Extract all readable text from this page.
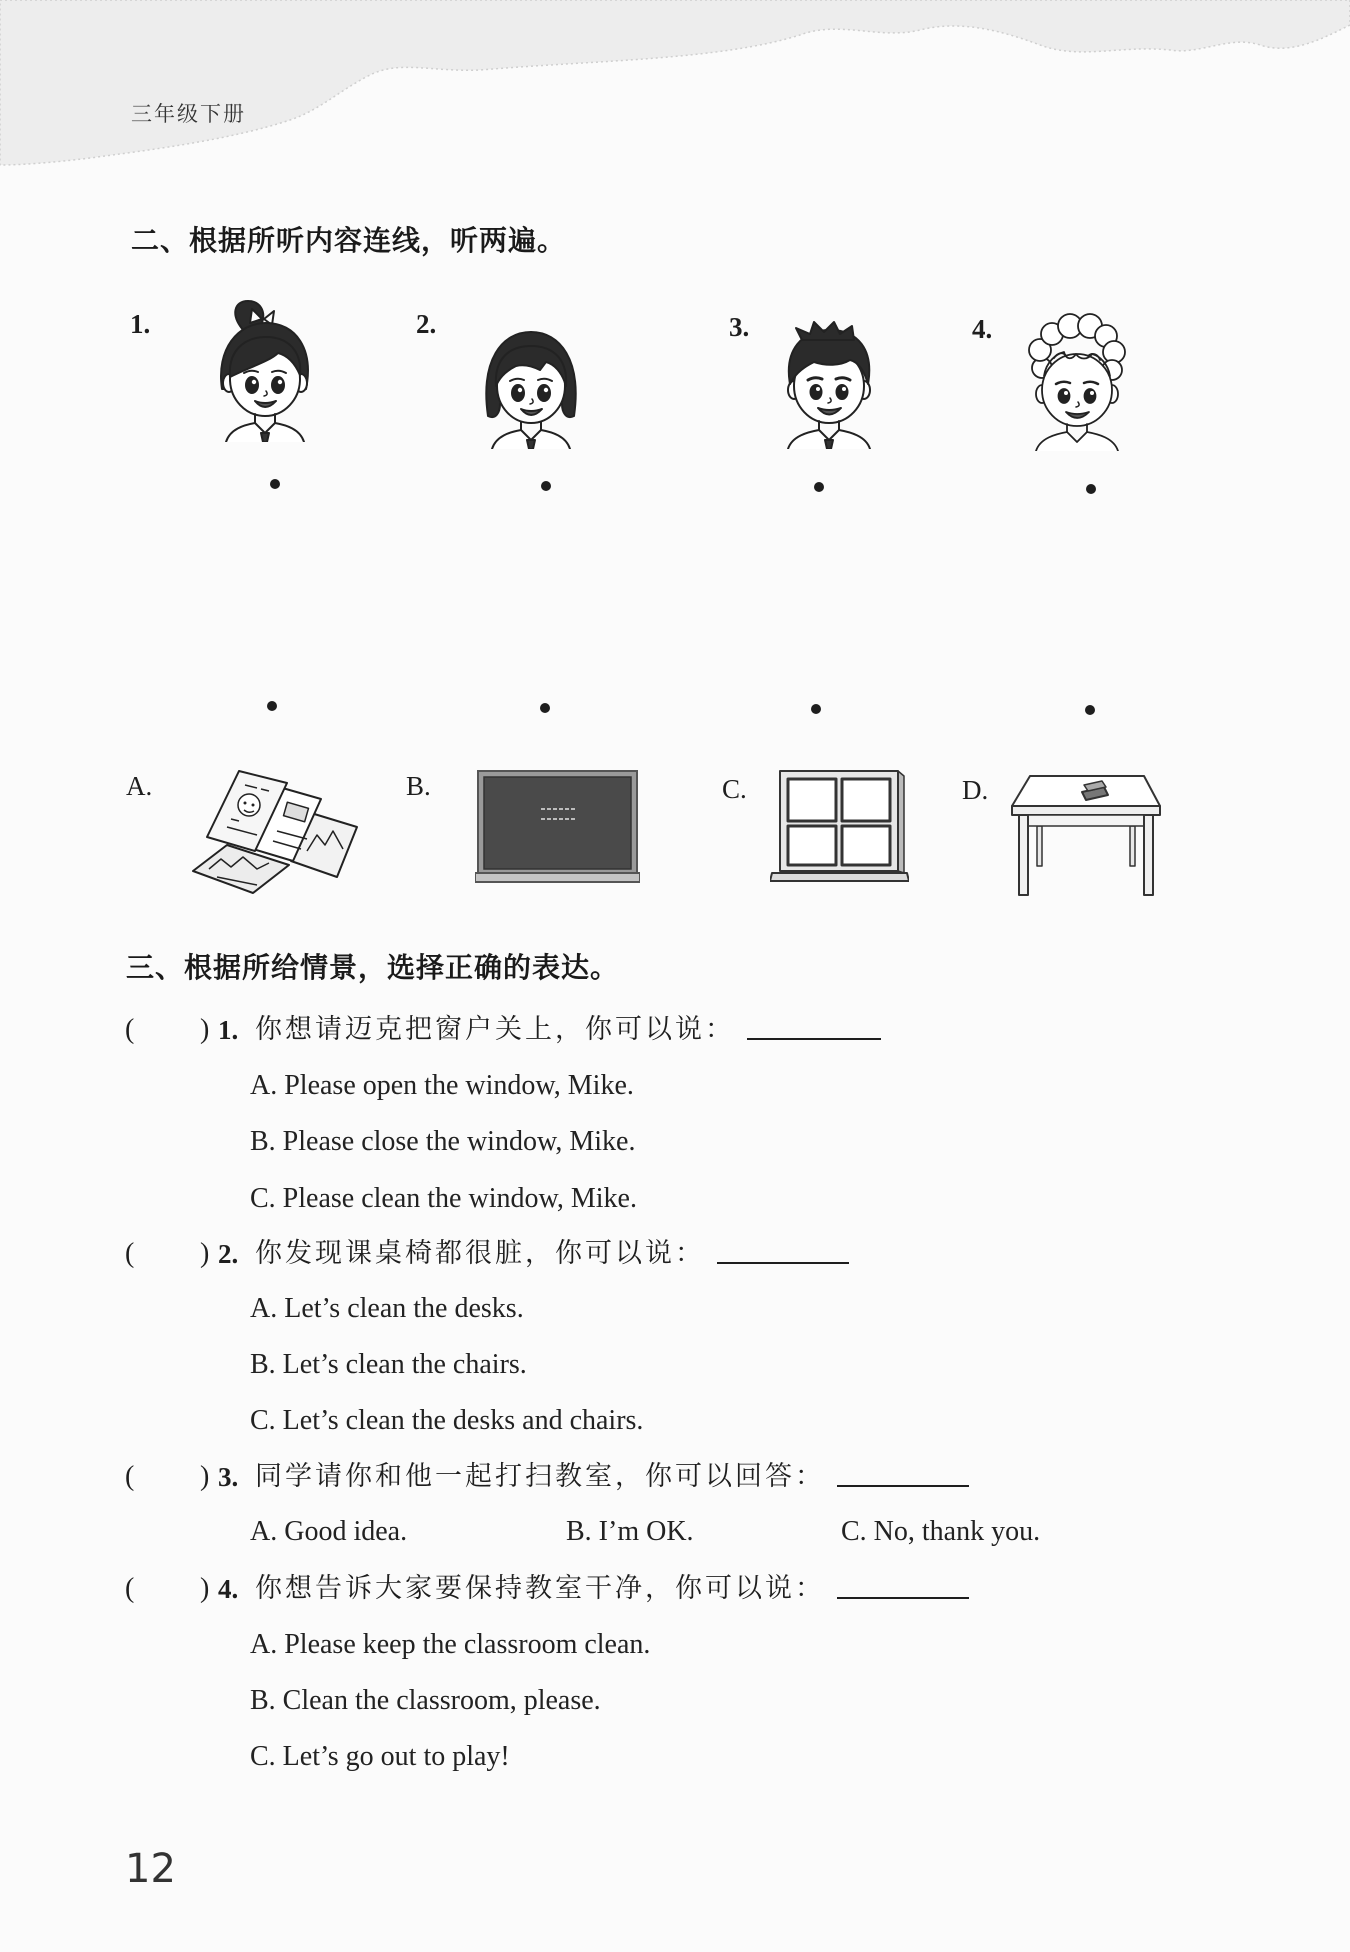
三年级下册
二、根据所听内容连线，听两遍。
1.	2.	3.	4.
A.	B.	C.	D.
三、根据所给情景，选择正确的表达。
( ) 1. 你想请迈克把窗户关上，你可以说：
A. Please open the window, Mike.
B. Please close the window, Mike.
C. Please clean the window, Mike.
( ) 2. 你发现课桌椅都很脏，你可以说：
A. Let’s clean the desks.
B. Let’s clean the chairs.
C. Let’s clean the desks and chairs.
( ) 3. 同学请你和他一起打扫教室，你可以回答：
A. Good idea.	B. I’m OK.	C. No, thank you.
( ) 4. 你想告诉大家要保持教室干净，你可以说：
A. Please keep the classroom clean.
B. Clean the classroom, please.
C. Let’s go out to play!
12
